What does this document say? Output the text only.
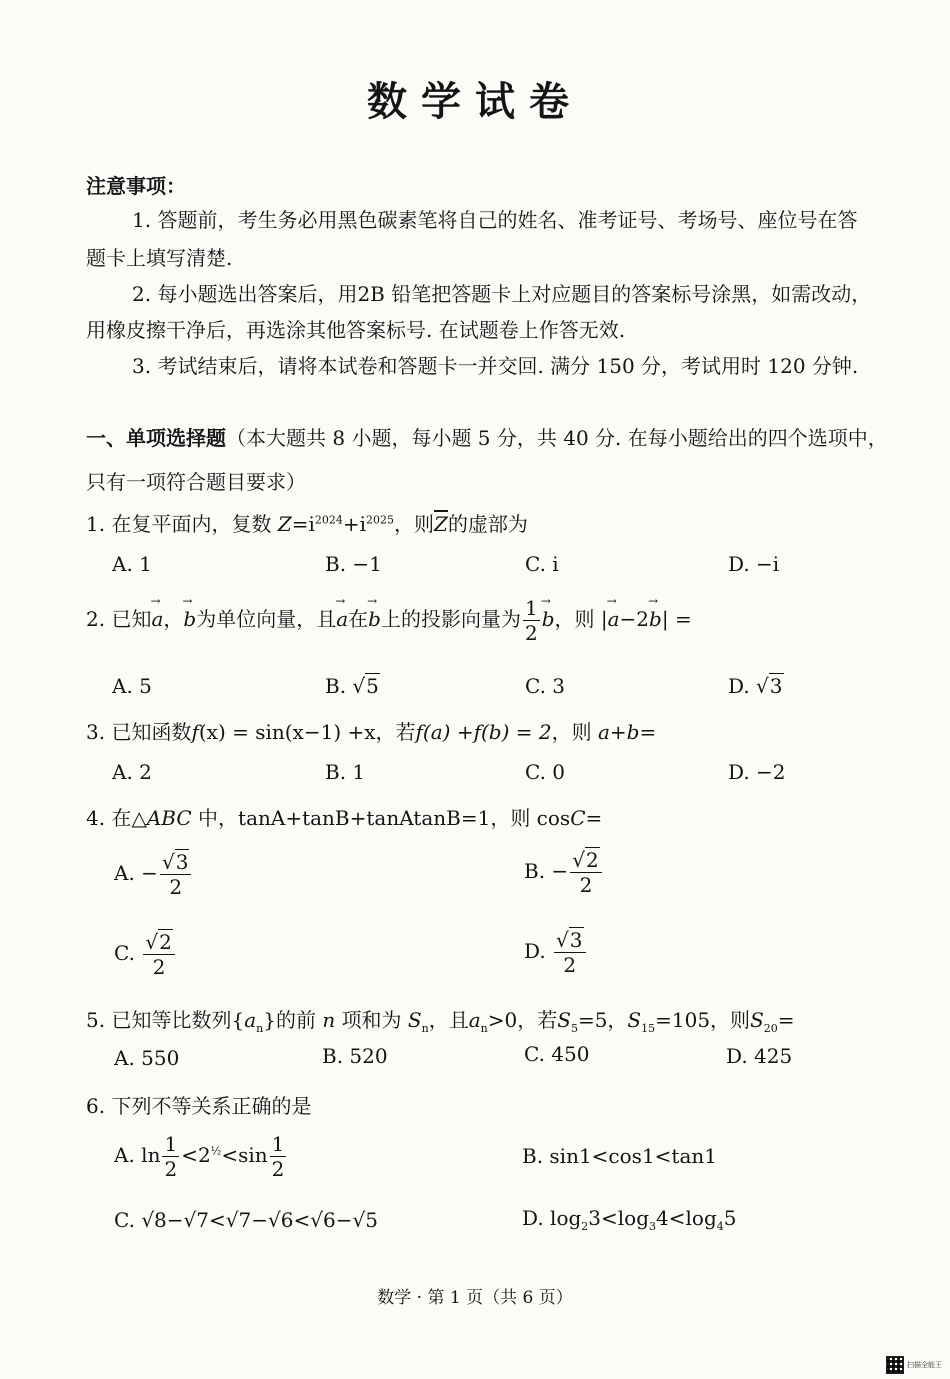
数学试卷
注意事项：
1. 答题前，考生务必用黑色碳素笔将自己的姓名、准考证号、考场号、座位号在答
题卡上填写清楚.
2. 每小题选出答案后，用2B 铅笔把答题卡上对应题目的答案标号涂黑，如需改动，
用橡皮擦干净后，再选涂其他答案标号. 在试题卷上作答无效.
3. 考试结束后，请将本试卷和答题卡一并交回. 满分 150 分，考试用时 120 分钟.
一、单项选择题（本大题共 8 小题，每小题 5 分，共 40 分. 在每小题给出的四个选项中，
只有一项符合题目要求）
1. 在复平面内，复数 $Z=i^{2024}+i^{2025}$，则$\overline{Z}$的虚部为
A. 1	B. −1	C. i	D. −i
2. 已知→ a，→ b为单位向量，且→ a在→ b上的投影向量为 $\frac{1}{2} \to b$，则 |→ a−2→ b| =
A. 5	B. √5	C. 3	D. √3
3. 已知函数f(x) = sin(x−1) +x，若f(a) +f(b) = 2，则 a+b=
A. 2	B. 1	C. 0	D. −2
4. 在△ABC 中，tanA+tanB+tanAtanB=1，则 cosC=
A. − $\frac{√3}{2}$	B. − $\frac{√2}{2}$
C. $\frac{√2}{2}$	D. $\frac{√3}{2}$
5. 已知等比数列$\{a_n\}$的前 n 项和为 $S_n$，且$a_n>0$，若$S_5=5$，$S_{15}=105$，则$S_{20}=$
A. 550	B. 520	C. 450	D. 425
6. 下列不等关系正确的是
A. $\ln \frac{1}{2} <2^{\frac{1}{2}}<\sin \frac{1}{2}$	B. sin1<cos1<tan1
C. √8−√7<√7−√6<√6−√5	D. $\log_23<\log_34<\log_45$
数学 · 第 1 页（共 6 页）
扫描全能王
